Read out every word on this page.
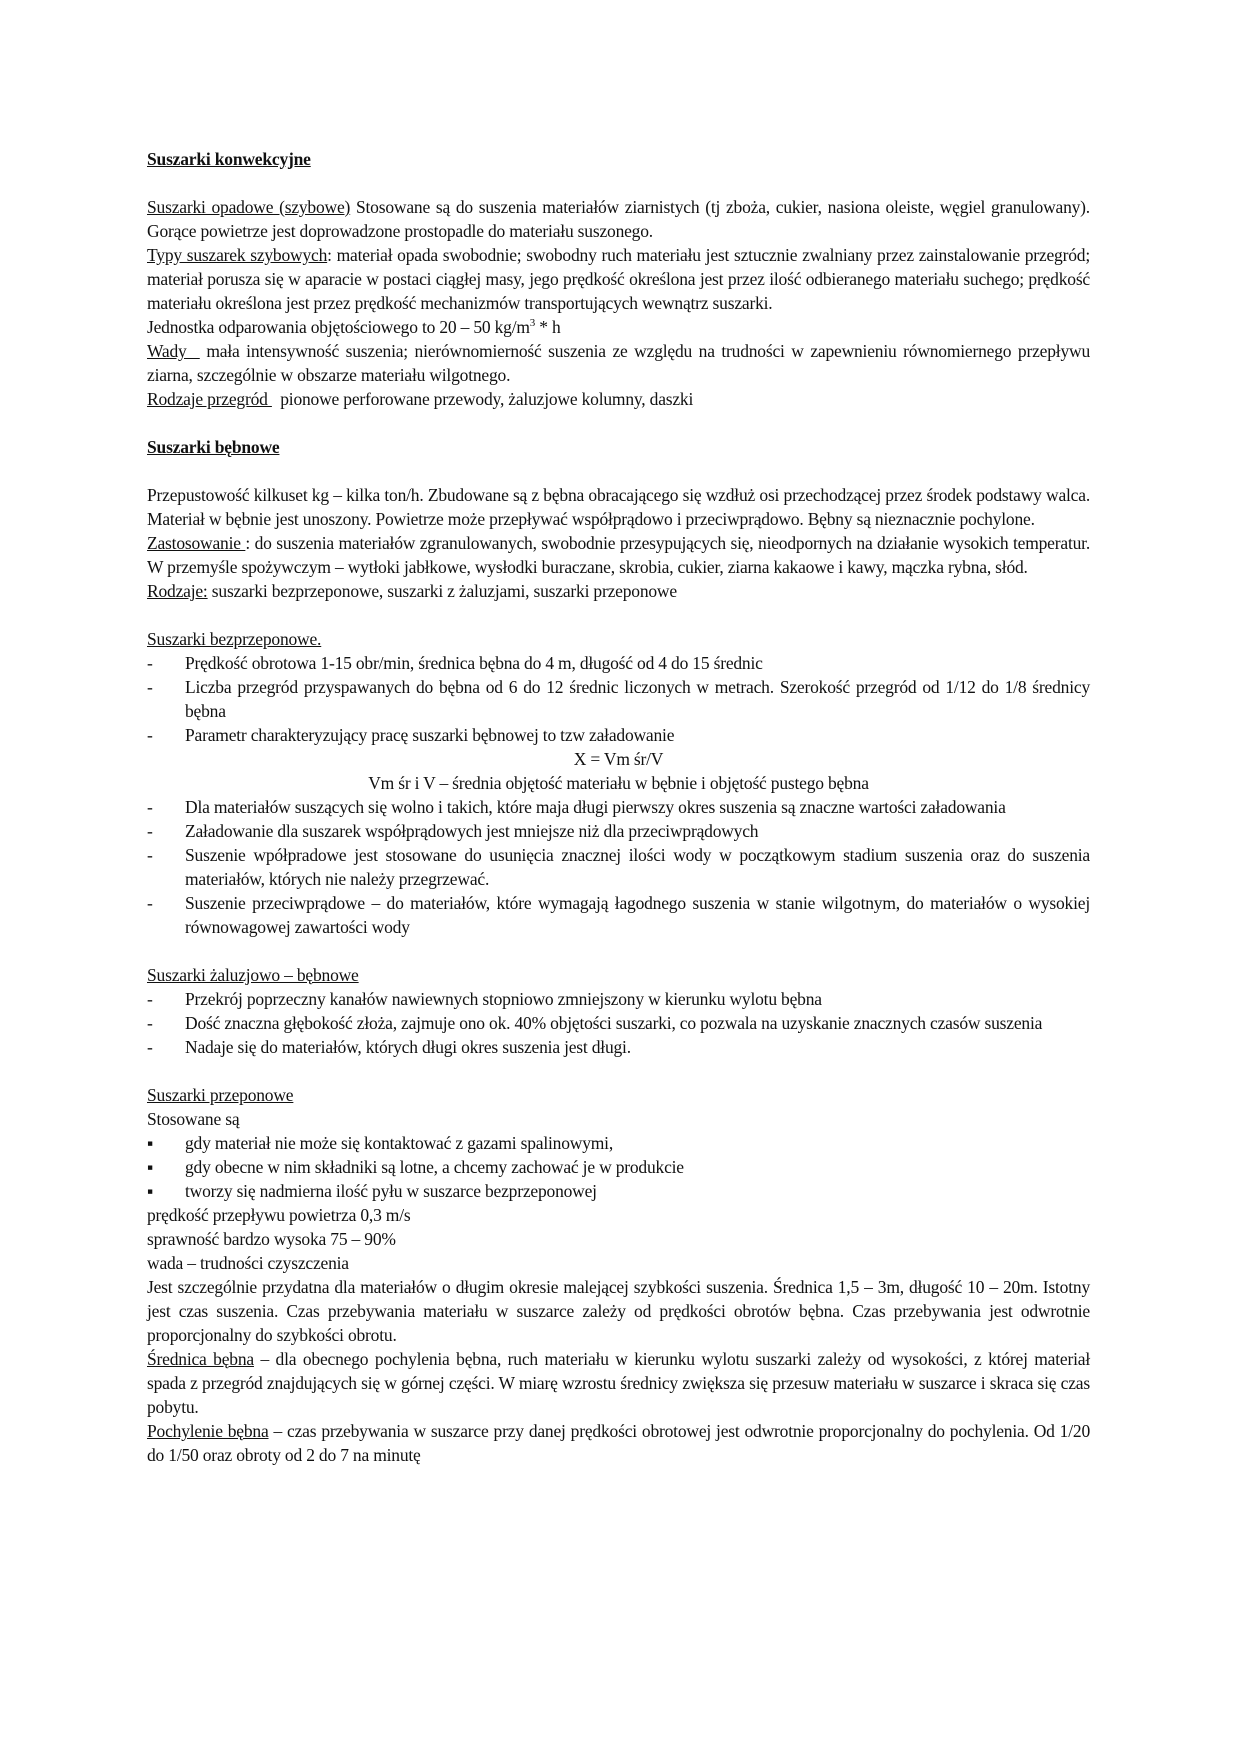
Suszarki konwekcyjne

Suszarki opadowe (szybowe) Stosowane są do suszenia materiałów ziarnistych (tj zboża, cukier, nasiona oleiste, węgiel granulowany). Gorące powietrze jest doprowadzone prostopadle do materiału suszonego.

Typy suszarek szybowych: materiał opada swobodnie; swobodny ruch materiału jest sztucznie zwalniany przez zainstalowanie przegród; materiał porusza się w aparacie w postaci ciągłej masy, jego prędkość określona jest przez ilość odbieranego materiału suchego; prędkość materiału określona jest przez prędkość mechanizmów transportujących wewnątrz suszarki.

Jednostka odparowania objętościowego to 20 – 50 $kg/m^3$ * h

Wady   mała intensywność suszenia; nierównomierność suszenia ze względu na trudności w zapewnieniu równomiernego przepływu ziarna, szczególnie w obszarze materiału wilgotnego.

Rodzaje przegród   pionowe perforowane przewody, żaluzjowe kolumny, daszki

Suszarki bębnowe

Przepustowość kilkuset kg – kilka ton/h. Zbudowane są z bębna obracającego się wzdłuż osi przechodzącej przez środek podstawy walca. Materiał w bębnie jest unoszony. Powietrze może przepływać współprądowo i przeciwprądowo. Bębny są nieznacznie pochylone.

Zastosowanie : do suszenia materiałów zgranulowanych, swobodnie przesypujących się, nieodpornych na działanie wysokich temperatur. W przemyśle spożywczym – wytłoki jabłkowe, wysłodki buraczane, skrobia, cukier, ziarna kakaowe i kawy, mączka rybna, słód.

Rodzaje: suszarki bezprzeponowe, suszarki z żaluzjami, suszarki przeponowe

Suszarki bezprzeponowe.

- Prędkość obrotowa 1-15 obr/min, średnica bębna do 4 m, długość od 4 do 15 średnic
- Liczba przegród przyspawanych do bębna od 6 do 12 średnic liczonych w metrach. Szerokość przegród od 1/12 do 1/8 średnicy bębna
- Parametr charakteryzujący pracę suszarki bębnowej to tzw załadowanie

X = Vm śr/V

Vm śr i V – średnia objętość materiału w bębnie i objętość pustego bębna

- Dla materiałów suszących się wolno i takich, które maja długi pierwszy okres suszenia są znaczne wartości załadowania
- Załadowanie dla suszarek współprądowych jest mniejsze niż dla przeciwprądowych
- Suszenie wpółpradowe jest stosowane do usunięcia znacznej ilości wody w początkowym stadium suszenia oraz do suszenia materiałów, których nie należy przegrzewać.
- Suszenie przeciwprądowe – do materiałów, które wymagają łagodnego suszenia w stanie wilgotnym, do materiałów o wysokiej równowagowej zawartości wody

Suszarki żaluzjowo – bębnowe

- Przekrój poprzeczny kanałów nawiewnych stopniowo zmniejszony w kierunku wylotu bębna
- Dość znaczna głębokość złoża, zajmuje ono ok. 40% objętości suszarki, co pozwala na uzyskanie znacznych czasów suszenia
- Nadaje się do materiałów, których długi okres suszenia jest długi.

Suszarki przeponowe

Stosowane są

▪ gdy materiał nie może się kontaktować z gazami spalinowymi,
▪ gdy obecne w nim składniki są lotne, a chcemy zachować je w produkcie
▪ tworzy się nadmierna ilość pyłu w suszarce bezprzeponowej

prędkość przepływu powietrza 0,3 m/s

sprawność bardzo wysoka 75 – 90%

wada – trudności czyszczenia

Jest szczególnie przydatna dla materiałów o długim okresie malejącej szybkości suszenia. Średnica 1,5 – 3m, długość 10 – 20m. Istotny jest czas suszenia. Czas przebywania materiału w suszarce zależy od prędkości obrotów bębna. Czas przebywania jest odwrotnie proporcjonalny do szybkości obrotu.

Średnica bębna – dla obecnego pochylenia bębna, ruch materiału w kierunku wylotu suszarki zależy od wysokości, z której materiał spada z przegród znajdujących się w górnej części. W miarę wzrostu średnicy zwiększa się przesuw materiału w suszarce i skraca się czas pobytu.

Pochylenie bębna – czas przebywania w suszarce przy danej prędkości obrotowej jest odwrotnie proporcjonalny do pochylenia. Od 1/20 do 1/50 oraz obroty od 2 do 7 na minutę
